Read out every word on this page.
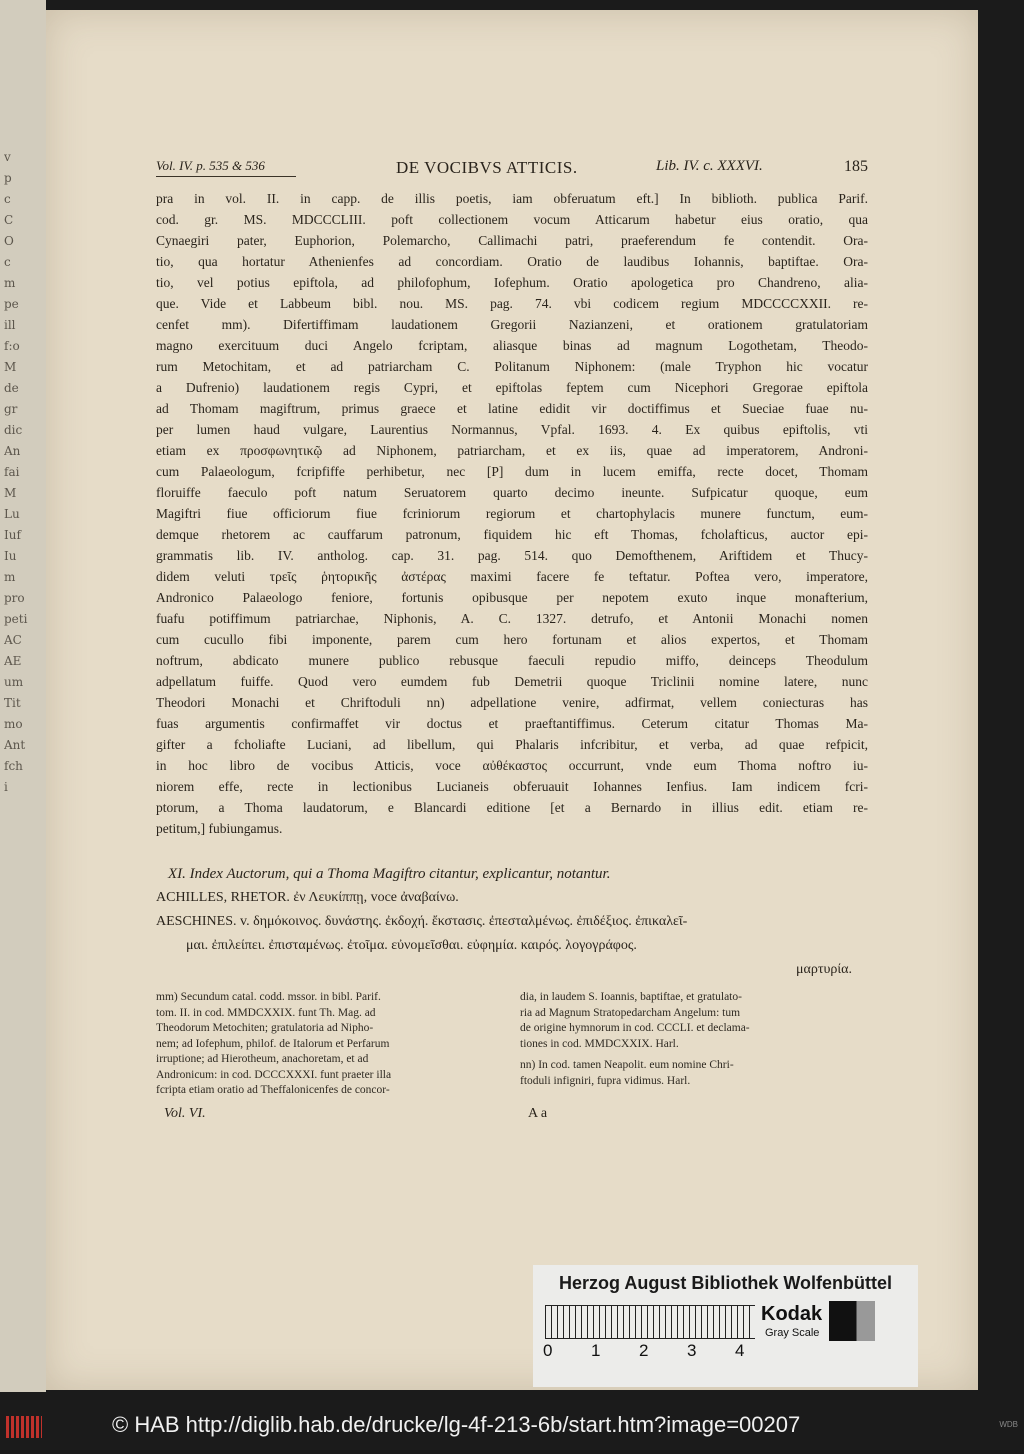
v
p
c
C
O
c
m
pe
ill
f:o
M
de
gr
dic
An
fai
M
Lu
Iuf
Iu
m
pro
peti
AC
AE
um
Tit
mo
Ant
fch
i
Vol. IV. p. 535 & 536	DE VOCIBVS ATTICIS.	Lib. IV. c. XXXVI.	185
pra in vol. II. in capp. de illis poetis, iam obferuatum eft.] In biblioth. publica Parif.
cod. gr. MS. MDCCCLIII. poft collectionem vocum Atticarum habetur eius oratio, qua
Cynaegiri pater, Euphorion, Polemarcho, Callimachi patri, praeferendum fe contendit. Ora-
tio, qua hortatur Athenienfes ad concordiam. Oratio de laudibus Iohannis, baptiftae. Ora-
tio, vel potius epiftola, ad philofophum, Iofephum. Oratio apologetica pro Chandreno, alia-
que. Vide et Labbeum bibl. nou. MS. pag. 74. vbi codicem regium MDCCCCXXII. re-
cenfet mm). Difertiffimam laudationem Gregorii Nazianzeni, et orationem gratulatoriam
magno exercituum duci Angelo fcriptam, aliasque binas ad magnum Logothetam, Theodo-
rum Metochitam, et ad patriarcham C. Politanum Niphonem: (male Tryphon hic vocatur
a Dufrenio) laudationem regis Cypri, et epiftolas feptem cum Nicephori Gregorae epiftola
ad Thomam magiftrum, primus graece et latine edidit vir doctiffimus et Sueciae fuae nu-
per lumen haud vulgare, Laurentius Normannus, Vpfal. 1693. 4. Ex quibus epiftolis, vti
etiam ex προσφωνητικῷ ad Niphonem, patriarcham, et ex iis, quae ad imperatorem, Androni-
cum Palaeologum, fcripfiffe perhibetur, nec [P] dum in lucem emiffa, recte docet, Thomam
floruiffe faeculo poft natum Seruatorem quarto decimo ineunte. Sufpicatur quoque, eum
Magiftri fiue officiorum fiue fcriniorum regiorum et chartophylacis munere functum, eum-
demque rhetorem ac cauffarum patronum, fiquidem hic eft Thomas, fcholafticus, auctor epi-
grammatis lib. IV. antholog. cap. 31. pag. 514. quo Demofthenem, Ariftidem et Thucy-
didem veluti τρεῖς ῥητορικῆς ἀστέρας maximi facere fe teftatur. Poftea vero, imperatore,
Andronico Palaeologo feniore, fortunis opibusque per nepotem exuto inque monafterium,
fuafu potiffimum patriarchae, Niphonis, A. C. 1327. detrufo, et Antonii Monachi nomen
cum cucullo fibi imponente, parem cum hero fortunam et alios expertos, et Thomam
noftrum, abdicato munere publico rebusque faeculi repudio miffo, deinceps Theodulum
adpellatum fuiffe. Quod vero eumdem fub Demetrii quoque Triclinii nomine latere, nunc
Theodori Monachi et Chriftoduli nn) adpellatione venire, adfirmat, vellem coniecturas has
fuas argumentis confirmaffet vir doctus et praeftantiffimus. Ceterum citatur Thomas Ma-
gifter a fcholiafte Luciani, ad libellum, qui Phalaris infcribitur, et verba, ad quae refpicit,
in hoc libro de vocibus Atticis, voce αὐθέκαστος occurrunt, vnde eum Thoma noftro iu-
niorem effe, recte in lectionibus Lucianeis obferuauit Iohannes Ienfius. Iam indicem fcri-
ptorum, a Thoma laudatorum, e Blancardi editione [et a Bernardo in illius edit. etiam re-
petitum,] fubiungamus.
XI. Index Auctorum, qui a Thoma Magiftro citantur, explicantur, notantur.
ACHILLES, RHETOR. ἐν Λευκίππῃ, voce ἀναβαίνω.
AESCHINES. v. δημόκοινος. δυνάστης. ἐκδοχή. ἔκστασις. ἐπεσταλμένως. ἐπιδέξιος. ἐπικαλεῖ-
μαι. ἐπιλείπει. ἐπισταμένως. ἐτοῖμα. εὐνομεῖσθαι. εὐφημία. καιρός. λογογράφος.
μαρτυρία.
mm) Secundum catal. codd. mssor. in bibl. Parif.
tom. II. in cod. MMDCXXIX. funt Th. Mag. ad
Theodorum Metochiten; gratulatoria ad Nipho-
nem; ad Iofephum, philof. de Italorum et Perfarum
irruptione; ad Hierotheum, anachoretam, et ad
Andronicum: in cod. DCCCXXXI. funt praeter illa
fcripta etiam oratio ad Theffalonicenfes de concor-
dia, in laudem S. Ioannis, baptiftae, et gratulato-
ria ad Magnum Stratopedarcham Angelum: tum
de origine hymnorum in cod. CCCLI. et declama-
tiones in cod. MMDCXXIX. Harl.
nn) In cod. tamen Neapolit. eum nomine Chri-
ftoduli infigniri, fupra vidimus. Harl.
Vol. VI.	A a
Herzog August Bibliothek Wolfenbüttel
0 1 2 3 4
Kodak
Gray Scale
© HAB http://diglib.hab.de/drucke/lg-4f-213-6b/start.htm?image=00207	WDB
